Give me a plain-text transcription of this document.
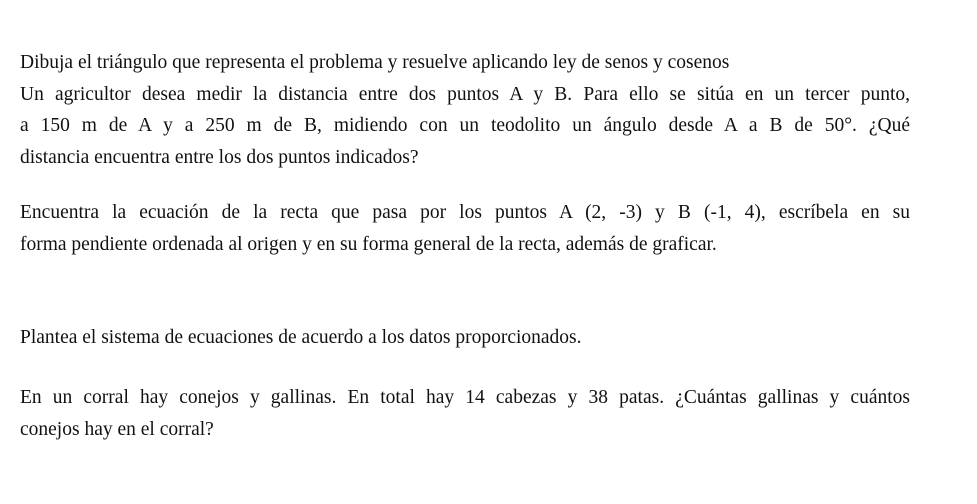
Dibuja el triángulo que representa el problema y resuelve aplicando ley de senos y cosenos
Un agricultor desea medir la distancia entre dos puntos A y B. Para ello se sitúa en un tercer punto,
a 150 m de A y a 250 m de B, midiendo con un teodolito un ángulo desde A a B de 50°. ¿Qué
distancia encuentra entre los dos puntos indicados?
Encuentra la ecuación de la recta que pasa por los puntos A (2, -3) y B (-1, 4), escríbela en su
forma pendiente ordenada al origen y en su forma general de la recta, además de graficar.
Plantea el sistema de ecuaciones de acuerdo a los datos proporcionados.
En un corral hay conejos y gallinas. En total hay 14 cabezas y 38 patas. ¿Cuántas gallinas y cuántos
conejos hay en el corral?
